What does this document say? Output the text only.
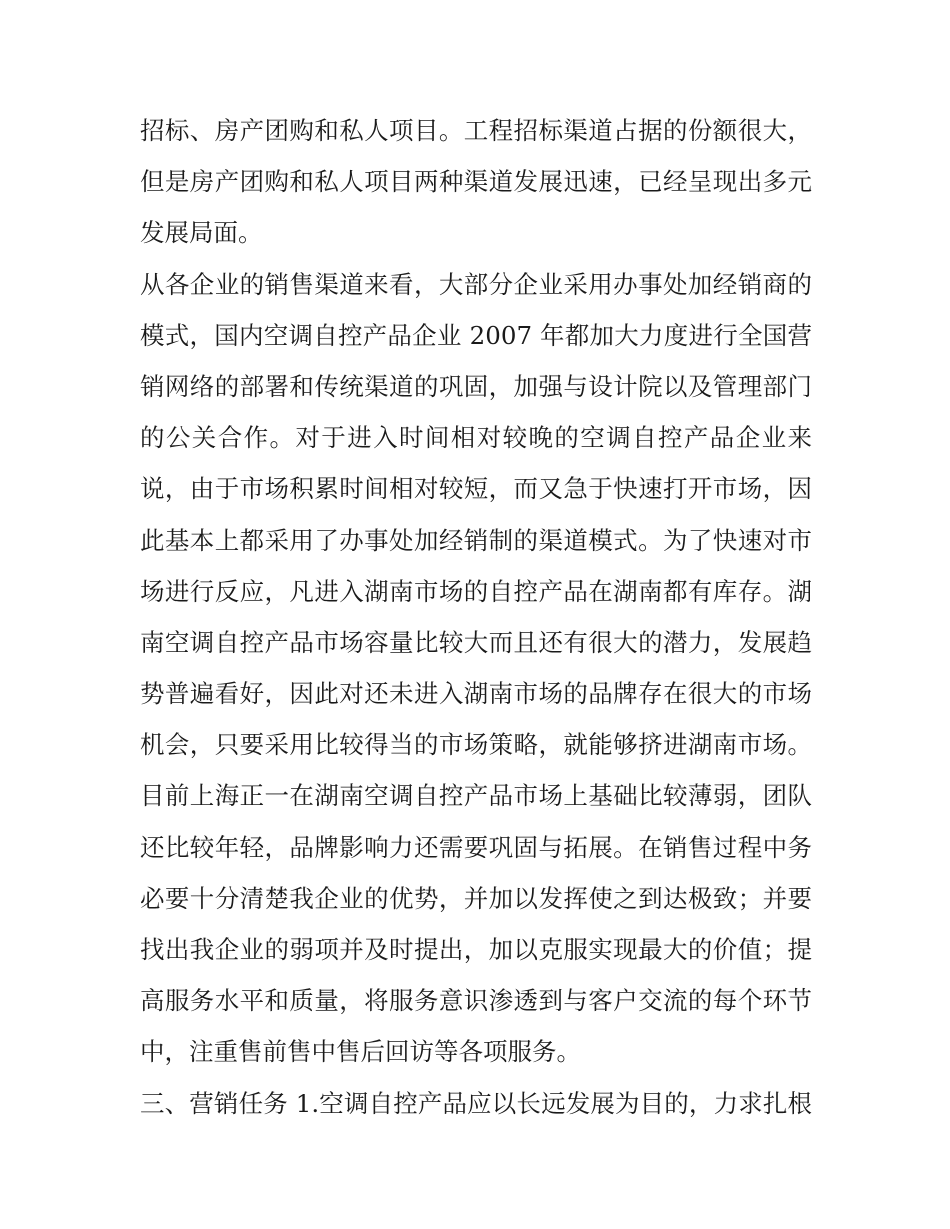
招标、房产团购和私人项目。工程招标渠道占据的份额很大，
但是房产团购和私人项目两种渠道发展迅速，已经呈现出多元
发展局面。
从各企业的销售渠道来看，大部分企业采用办事处加经销商的
模式，国内空调自控产品企业 2007 年都加大力度进行全国营
销网络的部署和传统渠道的巩固，加强与设计院以及管理部门
的公关合作。对于进入时间相对较晚的空调自控产品企业来
说，由于市场积累时间相对较短，而又急于快速打开市场，因
此基本上都采用了办事处加经销制的渠道模式。为了快速对市
场进行反应，凡进入湖南市场的自控产品在湖南都有库存。湖
南空调自控产品市场容量比较大而且还有很大的潜力，发展趋
势普遍看好，因此对还未进入湖南市场的品牌存在很大的市场
机会，只要采用比较得当的市场策略，就能够挤进湖南市场。
目前上海正一在湖南空调自控产品市场上基础比较薄弱，团队
还比较年轻，品牌影响力还需要巩固与拓展。在销售过程中务
必要十分清楚我企业的优势，并加以发挥使之到达极致；并要
找出我企业的弱项并及时提出，加以克服实现最大的价值；提
高服务水平和质量，将服务意识渗透到与客户交流的每个环节
中，注重售前售中售后回访等各项服务。
三、营销任务 1.空调自控产品应以长远发展为目的，力求扎根
